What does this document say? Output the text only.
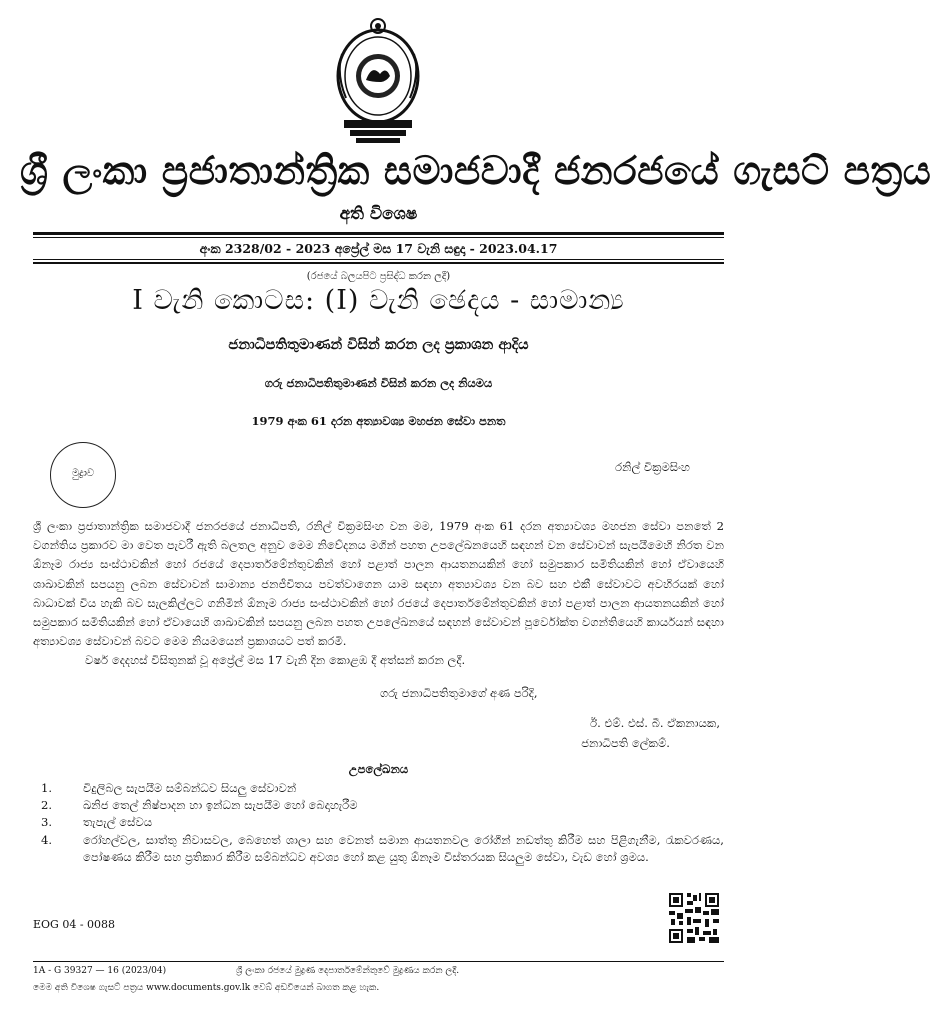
ශ්‍රී ලංකා ප්‍රජාතාන්ත්‍රික සමාජවාදී ජනරජයේ ගැසට් පත්‍රය
අති විශෙෂ
අංක 2328/02 - 2023 අප්‍රේල් මස 17 වැනි සඳුදා - 2023.04.17
(රජයේ බලයපිට ප්‍රසිද්ධ කරන ලදී)
I වැනි කොටස: (I) වැනි ඡෙදය - සාමාන්‍ය
ජනාධිපතිතුමාණන් විසින් කරන ලද ප්‍රකාශන ආදිය
ගරු ජනාධිපතිතුමාණන් විසින් කරන ලද නියමය
1979 අංක 61 දරන අත්‍යාවශ්‍ය මහජන සේවා පනත
මුද්‍රාව	රනිල් වික්‍රමසිංහ
ශ්‍රී ලංකා ප්‍රජාතාන්ත්‍රික සමාජවාදී ජනරජයේ ජනාධිපති, රනිල් වික්‍රමසිංහ වන මම, 1979 අංක 61 දරන අත්‍යාවශ්‍ය මහජන සේවා පනතේ 2 වගන්තිය ප්‍රකාරව මා වෙත පැවරී ඇති බලතල අනුව මෙම නිවේදනය මගින් පහත උපලේඛනයෙහි සඳහන් වන සේවාවන් සැපයීමෙහි නිරත වන ඕනෑම රාජ්‍ය සංස්ථාවකින් හෝ රජයේ දෙපාර්තමේන්තුවකින් හෝ පළාත් පාලන ආයතනයකින් හෝ සමුපකාර සමිතියකින් හෝ ඒවායෙහි ශාඛාවකින් සපයනු ලබන සේවාවන් සාමාන්‍ය ජනජීවිතය පවත්වාගෙන යාම සඳහා අත්‍යාවශ්‍ය වන බව සහ එකී සේවාවට අවහිරයක් හෝ බාධාවක් විය හැකි බව සැලකිල්ලට ගනිමින් ඕනෑම රාජ්‍ය සංස්ථාවකින් හෝ රජයේ දෙපාර්තමේන්තුවකින් හෝ පළාත් පාලන ආයතනයකින් හෝ සමුපකාර සමිතියකින් හෝ ඒවායෙහි ශාඛාවකින් සපයනු ලබන පහත උපලේඛනයේ සඳහන් සේවාවන් පූර්වෝක්ත වගන්තියෙහි කාර්යයන් සඳහා අත්‍යාවශ්‍ය සේවාවන් බවට මෙම නියමයෙන් ප්‍රකාශයට පත් කරමි.
වර්ෂ දෙදහස් විසිතුනක් වූ අප්‍රේල් මස 17 වැනි දින කොළඹ දී අත්සන් කරන ලදී.
ගරු ජනාධිපතිතුමාගේ අණ පරිදි,
ඊ. එම්. එස්. බී. ඒකනායක,
ජනාධිපති ලේකම්.
උපලේඛනය
1.	විදුලිබල සැපයීම සම්බන්ධව සියලු සේවාවන්
2.	ඛනිජ තෙල් නිෂ්පාදන හා ඉන්ධන සැපයීම හෝ බෙදාහැරීම
3.	තැපැල් සේවය
4.	රෝහල්වල, සාත්තු නිවාසවල, බෙහෙත් ශාලා සහ වෙනත් සමාන ආයතනවල රෝගීන් නඩත්තු කිරීම සහ පිළිගැනීම, රැකවරණය, පෝෂණය කිරීම සහ ප්‍රතිකාර කිරීම සම්බන්ධව අවශ්‍ය හෝ කළ යුතු ඕනෑම විස්තරයක සියලුම සේවා, වැඩ හෝ ශ්‍රමය.
EOG 04 - 0088
1A - G 39327 — 16 (2023/04)	ශ්‍රී ලංකා රජයේ මුද්‍රණ දෙපාර්තමේන්තුවේ මුද්‍රණය කරන ලදී.
මෙම අති විශෙෂ ගැසට් පත්‍රය www.documents.gov.lk වෙබ් අඩවියෙන් බාගත කළ හැක.
